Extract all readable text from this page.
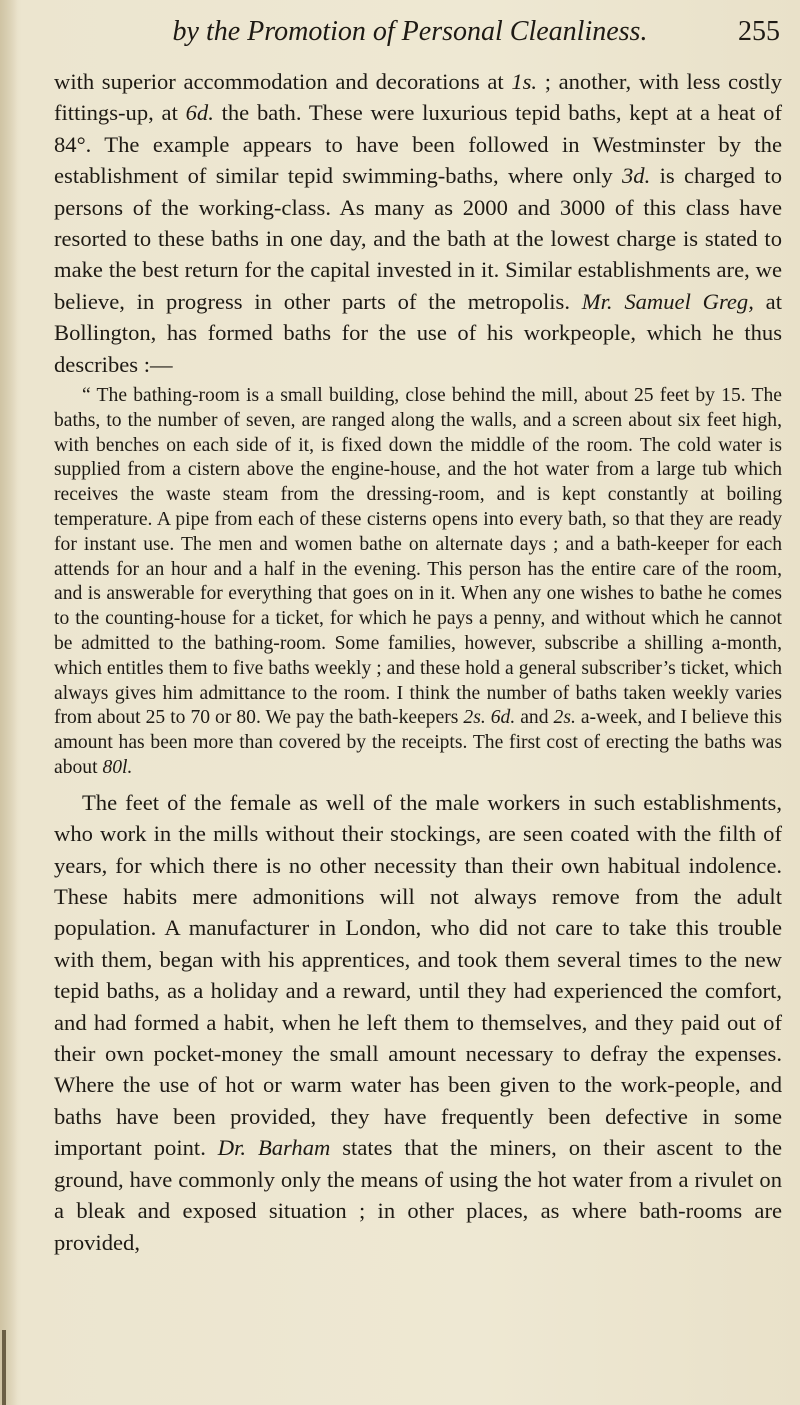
by the Promotion of Personal Cleanliness.	255

with superior accommodation and decorations at 1s. ; another, with less costly fittings-up, at 6d. the bath. These were luxurious tepid baths, kept at a heat of 84°. The example appears to have been followed in Westminster by the establishment of similar tepid swimming-baths, where only 3d. is charged to persons of the working-class. As many as 2000 and 3000 of this class have resorted to these baths in one day, and the bath at the lowest charge is stated to make the best return for the capital invested in it. Similar establishments are, we believe, in progress in other parts of the metropolis. Mr. Samuel Greg, at Bollington, has formed baths for the use of his workpeople, which he thus describes :—

“ The bathing-room is a small building, close behind the mill, about 25 feet by 15. The baths, to the number of seven, are ranged along the walls, and a screen about six feet high, with benches on each side of it, is fixed down the middle of the room. The cold water is supplied from a cistern above the engine-house, and the hot water from a large tub which receives the waste steam from the dressing-room, and is kept constantly at boiling temperature. A pipe from each of these cisterns opens into every bath, so that they are ready for instant use. The men and women bathe on alternate days ; and a bath-keeper for each attends for an hour and a half in the evening. This person has the entire care of the room, and is answerable for everything that goes on in it. When any one wishes to bathe he comes to the counting-house for a ticket, for which he pays a penny, and without which he cannot be admitted to the bathing-room. Some families, however, subscribe a shilling a-month, which entitles them to five baths weekly ; and these hold a general subscriber’s ticket, which always gives him admittance to the room. I think the number of baths taken weekly varies from about 25 to 70 or 80. We pay the bath-keepers 2s. 6d. and 2s. a-week, and I believe this amount has been more than covered by the receipts. The first cost of erecting the baths was about 80l.

The feet of the female as well of the male workers in such establishments, who work in the mills without their stockings, are seen coated with the filth of years, for which there is no other necessity than their own habitual indolence. These habits mere admonitions will not always remove from the adult population. A manufacturer in London, who did not care to take this trouble with them, began with his apprentices, and took them several times to the new tepid baths, as a holiday and a reward, until they had experienced the comfort, and had formed a habit, when he left them to themselves, and they paid out of their own pocket-money the small amount necessary to defray the expenses. Where the use of hot or warm water has been given to the work-people, and baths have been provided, they have frequently been defective in some important point. Dr. Barham states that the miners, on their ascent to the ground, have commonly only the means of using the hot water from a rivulet on a bleak and exposed situation ; in other places, as where bath-rooms are provided,
